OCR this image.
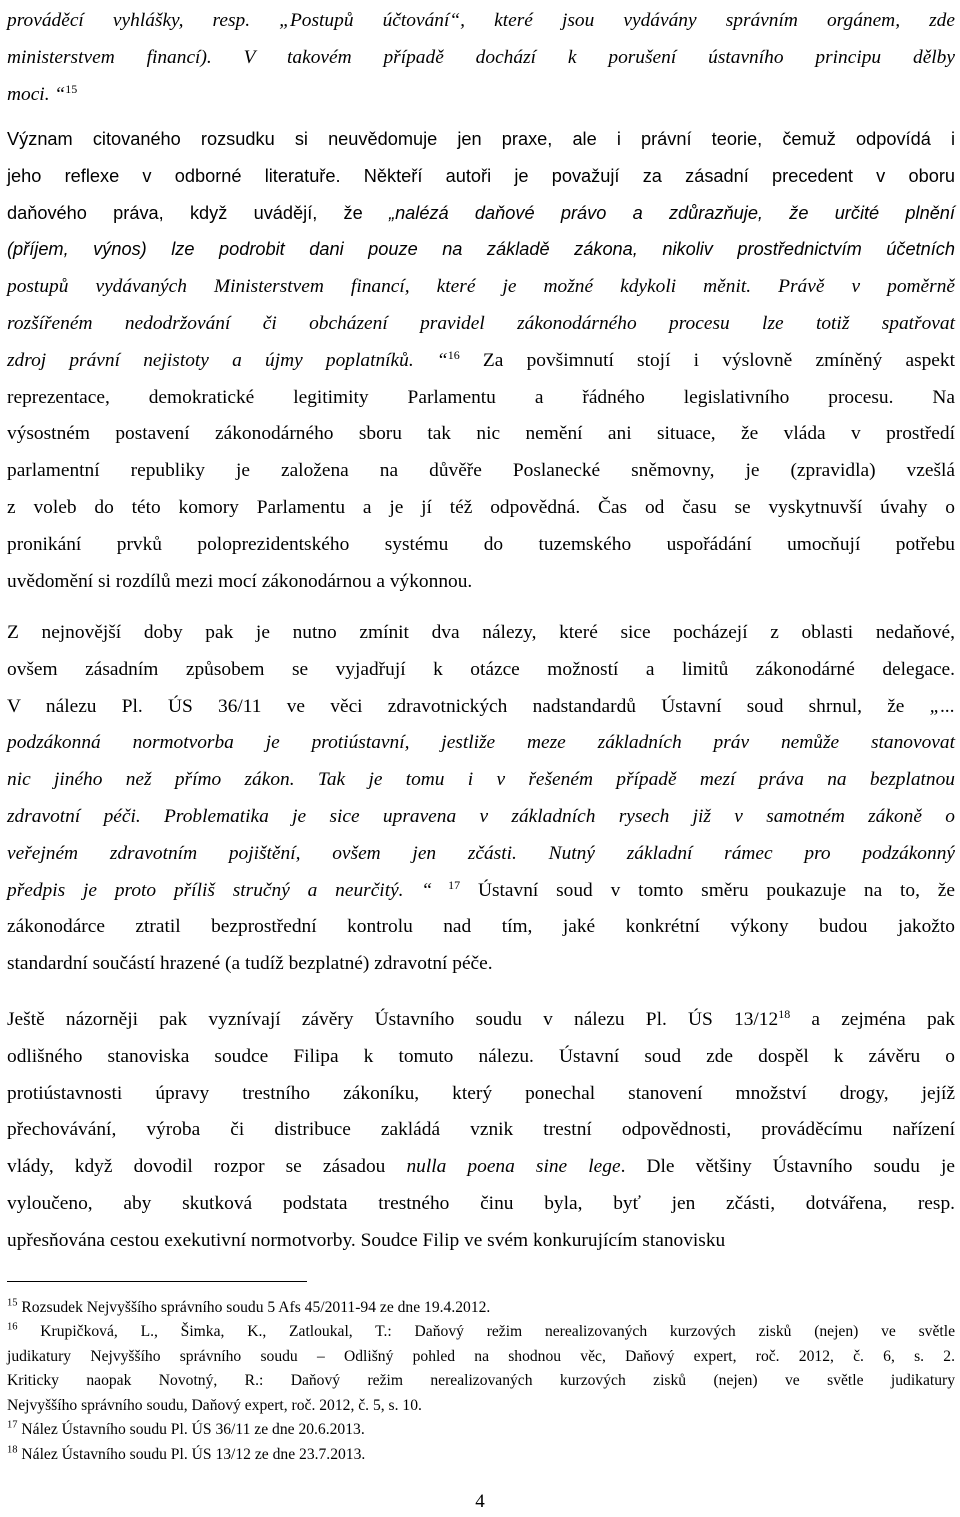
prováděcí vyhlášky, resp. „Postupů účtování“, které jsou vydávány správním orgánem, zde
ministerstvem financí). V takovém případě dochází k porušení ústavního principu dělby
moci. “$^{15}$
Význam citovaného rozsudku si neuvědomuje jen praxe, ale i právní teorie, čemuž odpovídá i
jeho reflexe v odborné literatuře. Někteří autoři je považují za zásadní precedent v oboru
daňového práva, když uvádějí, že „nalézá daňové právo a zdůrazňuje, že určité plnění
(příjem, výnos) lze podrobit dani pouze na základě zákona, nikoliv prostřednictvím účetních
postupů vydávaných Ministerstvem financí, které je možné kdykoli měnit. Právě v poměrně
rozšířeném nedodržování či obcházení pravidel zákonodárného procesu lze totiž spatřovat
zdroj právní nejistoty a újmy poplatníků. “$^{16}$ Za povšimnutí stojí i výslovně zmíněný aspekt
reprezentace, demokratické legitimity Parlamentu a řádného legislativního procesu. Na
výsostném postavení zákonodárného sboru tak nic nemění ani situace, že vláda v prostředí
parlamentní republiky je založena na důvěře Poslanecké sněmovny, je (zpravidla) vzešlá
z voleb do této komory Parlamentu a je jí též odpovědná. Čas od času se vyskytnuvší úvahy o
pronikání prvků poloprezidentského systému do tuzemského uspořádání umocňují potřebu
uvědomění si rozdílů mezi mocí zákonodárnou a výkonnou.
Z nejnovější doby pak je nutno zmínit dva nálezy, které sice pocházejí z oblasti nedaňové,
ovšem zásadním způsobem se vyjadřují k otázce možností a limitů zákonodárné delegace.
V nálezu Pl. ÚS 36/11 ve věci zdravotnických nadstandardů Ústavní soud shrnul, že „...
podzákonná normotvorba je protiústavní, jestliže meze základních práv nemůže stanovovat
nic jiného než přímo zákon. Tak je tomu i v řešeném případě mezí práva na bezplatnou
zdravotní péči. Problematika je sice upravena v základních rysech již v samotném zákoně o
veřejném zdravotním pojištění, ovšem jen zčásti. Nutný základní rámec pro podzákonný
předpis je proto příliš stručný a neurčitý. “ $^{17}$ Ústavní soud v tomto směru poukazuje na to, že
zákonodárce ztratil bezprostřední kontrolu nad tím, jaké konkrétní výkony budou jakožto
standardní součástí hrazené (a tudíž bezplatné) zdravotní péče.
Ještě názorněji pak vyznívají závěry Ústavního soudu v nálezu Pl. ÚS $13/12^{18}$ a zejména pak
odlišného stanoviska soudce Filipa k tomuto nálezu. Ústavní soud zde dospěl k závěru o
protiústavnosti úpravy trestního zákoníku, který ponechal stanovení množství drogy, jejíž
přechovávání, výroba či distribuce zakládá vznik trestní odpovědnosti, prováděcímu nařízení
vlády, když dovodil rozpor se zásadou nulla poena sine lege. Dle většiny Ústavního soudu je
vyloučeno, aby skutková podstata trestného činu byla, byť jen zčásti, dotvářena, resp.
upřesňována cestou exekutivní normotvorby. Soudce Filip ve svém konkurujícím stanovisku
$^{15}$ Rozsudek Nejvyššího správního soudu 5 Afs 45/2011-94 ze dne 19.4.2012.
$^{16}$ Krupičková, L., Šimka, K., Zatloukal, T.: Daňový režim nerealizovaných kurzových zisků (nejen) ve světle
judikatury Nejvyššího správního soudu – Odlišný pohled na shodnou věc, Daňový expert, roč. 2012, č. 6, s. 2.
Kriticky naopak Novotný, R.: Daňový režim nerealizovaných kurzových zisků (nejen) ve světle judikatury
Nejvyššího správního soudu, Daňový expert, roč. 2012, č. 5, s. 10.
$^{17}$ Nález Ústavního soudu Pl. ÚS 36/11 ze dne 20.6.2013.
$^{18}$ Nález Ústavního soudu Pl. ÚS 13/12 ze dne 23.7.2013.
4
